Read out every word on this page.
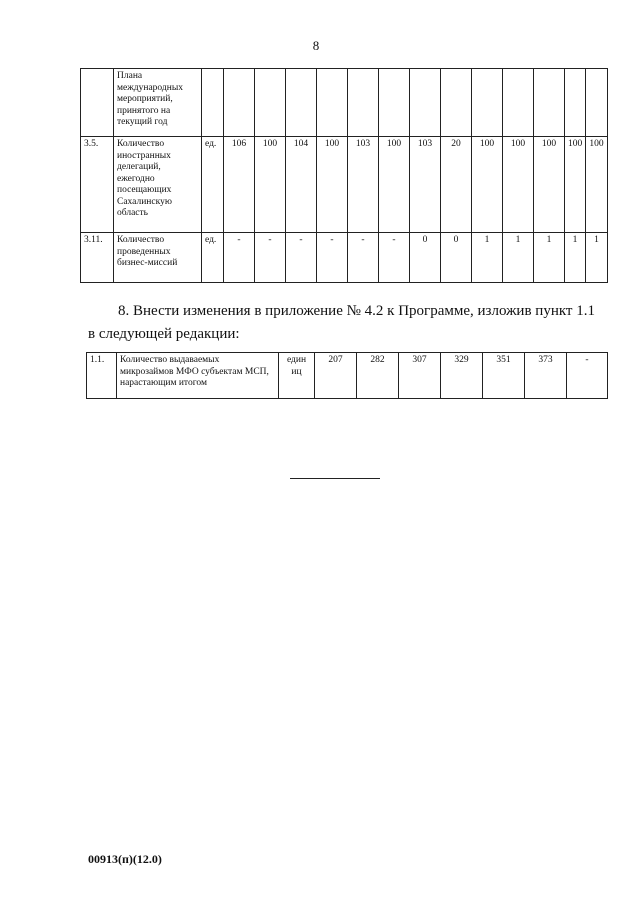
8
	Плана международных мероприятий, принятого на текущий год														
3.5.	Количество иностранных делегаций, ежегодно посещающих Сахалинскую область	ед.	106	100	104	100	103	100	103	20	100	100	100	100	100
3.11.	Количество проведенных бизнес-миссий	ед.	-	-	-	-	-	-	0	0	1	1	1	1	1
8. Внести изменения в приложение № 4.2 к Программе, изложив пункт 1.1
в следующей редакции:
1.1.	Количество выдаваемых микрозаймов МФО субъектам МСП, нарастающим итогом	един иц	207	282	307	329	351	373	-
00913(п)(12.0)
